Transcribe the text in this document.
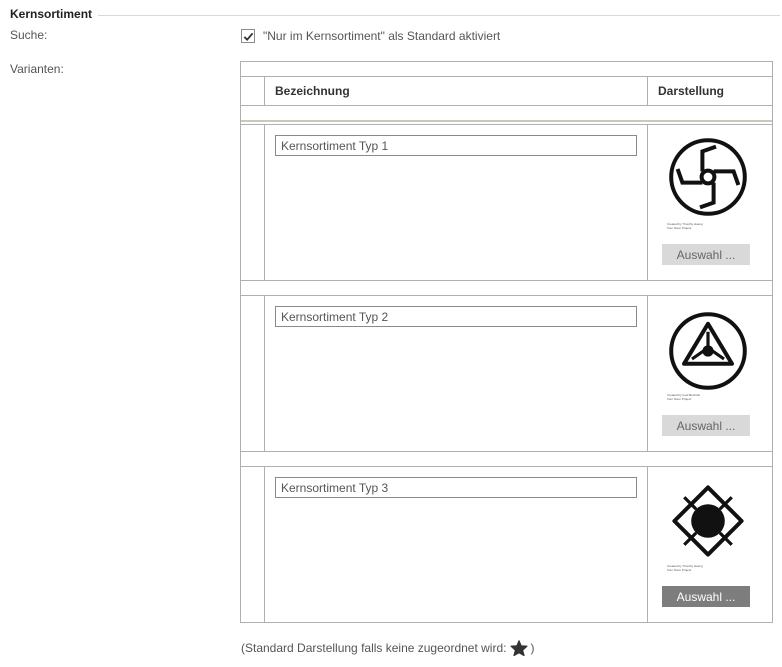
Kernsortiment
Suche:	"Nur im Kernsortiment" als Standard aktiviert
Varianten:
Bezeichnung	Darstellung
Kernsortiment Typ 1
Created by Timothy Hoang
from Noun Project
Auswahl ...
Kernsortiment Typ 2
Created by Iood Bechtoll
from Noun Project
Auswahl ...
Kernsortiment Typ 3
Created by Timothy Hoang
from Noun Project
Auswahl ...
(Standard Darstellung falls keine zugeordnet wird: )
